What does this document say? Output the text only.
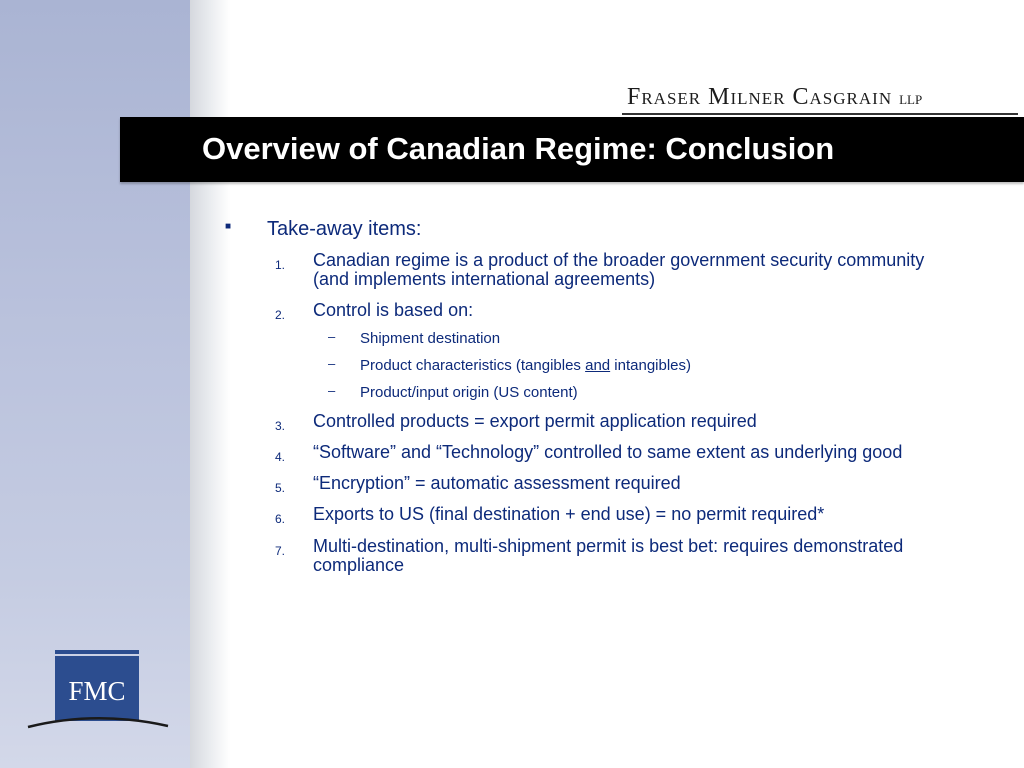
Fraser Milner Casgrain LLP
Overview of Canadian Regime: Conclusion
■ Take-away items:
1. Canadian regime is a product of the broader government security community
(and implements international agreements)
2. Control is based on:
– Shipment destination
– Product characteristics (tangibles and intangibles)
– Product/input origin (US content)
3. Controlled products = export permit application required
4. “Software” and “Technology” controlled to same extent as underlying good
5. “Encryption” = automatic assessment required
6. Exports to US (final destination + end use) = no permit required*
7. Multi-destination, multi-shipment permit is best bet: requires demonstrated
compliance
FMC
